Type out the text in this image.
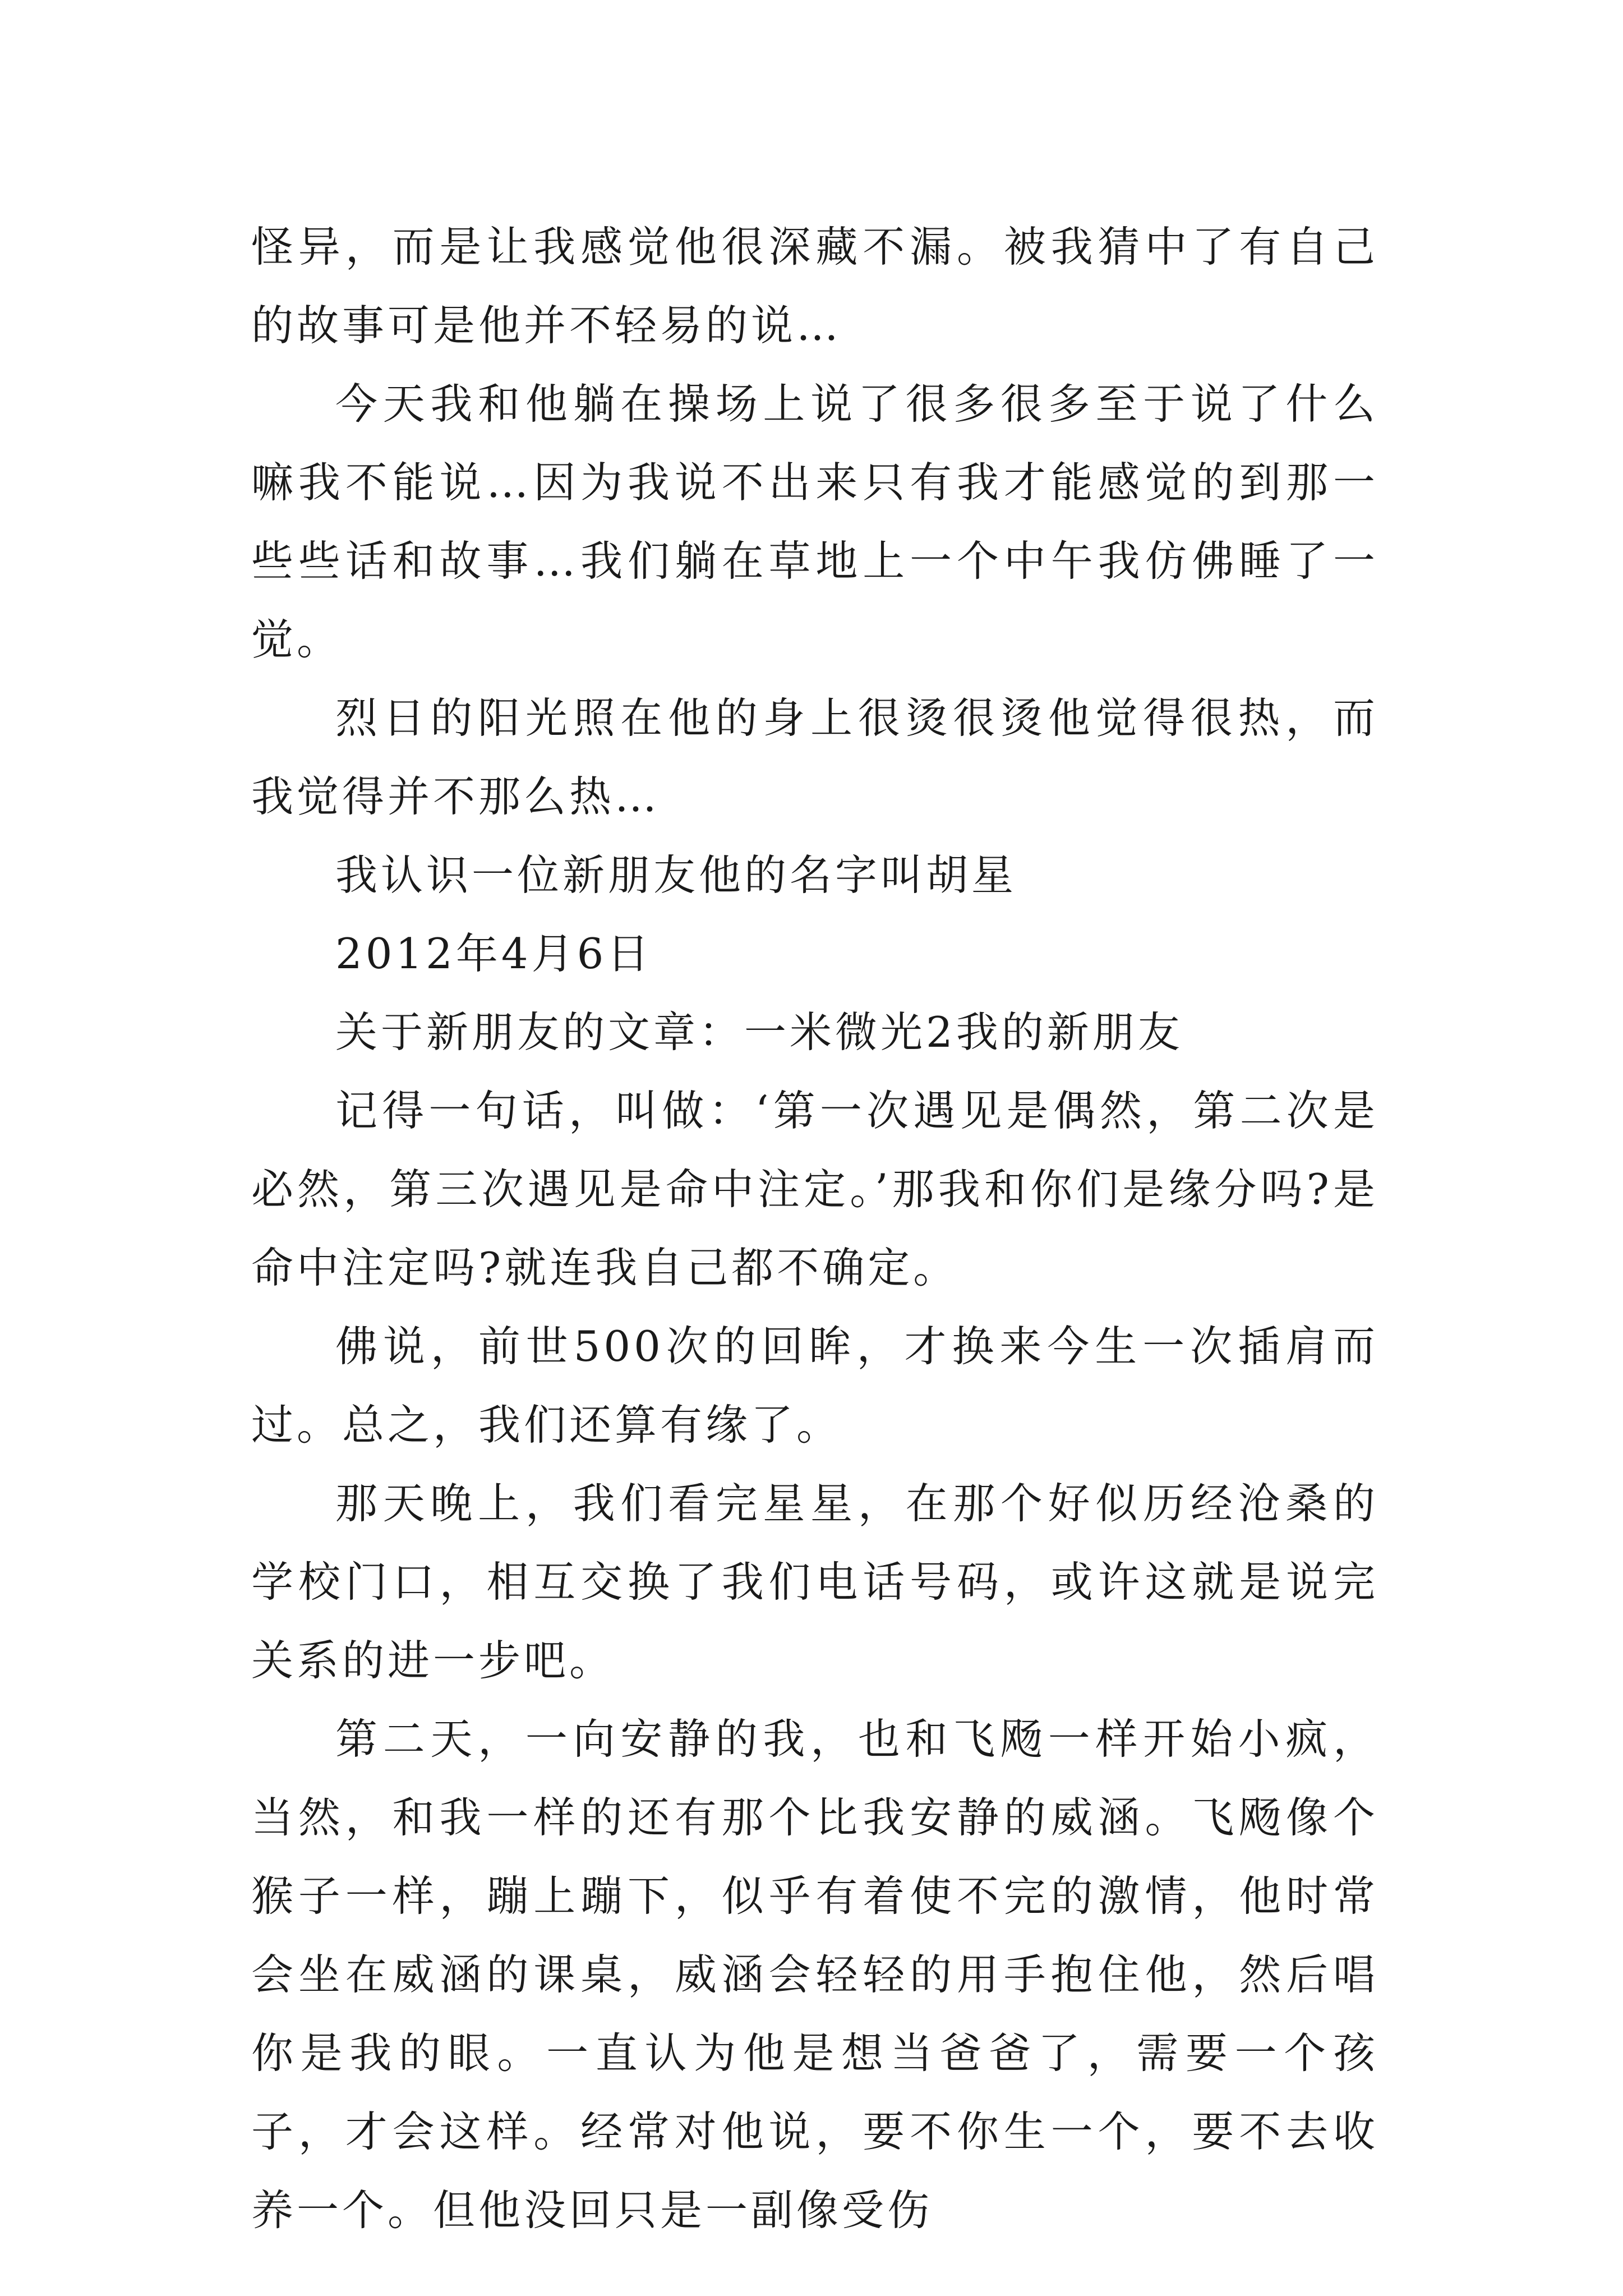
怪异，而是让我感觉他很深藏不漏。被我猜中了有自己的故事可是他并不轻易的说…

今天我和他躺在操场上说了很多很多至于说了什么嘛我不能说…因为我说不出来只有我才能感觉的到那一些些话和故事…我们躺在草地上一个中午我仿佛睡了一觉。

烈日的阳光照在他的身上很烫很烫他觉得很热，而我觉得并不那么热…

我认识一位新朋友他的名字叫胡星

2012年4月6日

关于新朋友的文章：一米微光2我的新朋友

记得一句话，叫做：‘第一次遇见是偶然，第二次是必然，第三次遇见是命中注定。’那我和你们是缘分吗?是命中注定吗?就连我自己都不确定。

佛说，前世500次的回眸，才换来今生一次插肩而过。总之，我们还算有缘了。

那天晚上，我们看完星星，在那个好似历经沧桑的学校门口，相互交换了我们电话号码，或许这就是说完关系的进一步吧。

第二天，一向安静的我，也和飞飏一样开始小疯，当然，和我一样的还有那个比我安静的威涵。飞飏像个猴子一样，蹦上蹦下，似乎有着使不完的激情，他时常会坐在威涵的课桌，威涵会轻轻的用手抱住他，然后唱你是我的眼。一直认为他是想当爸爸了，需要一个孩子，才会这样。经常对他说，要不你生一个，要不去收养一个。但他没回只是一副像受伤
